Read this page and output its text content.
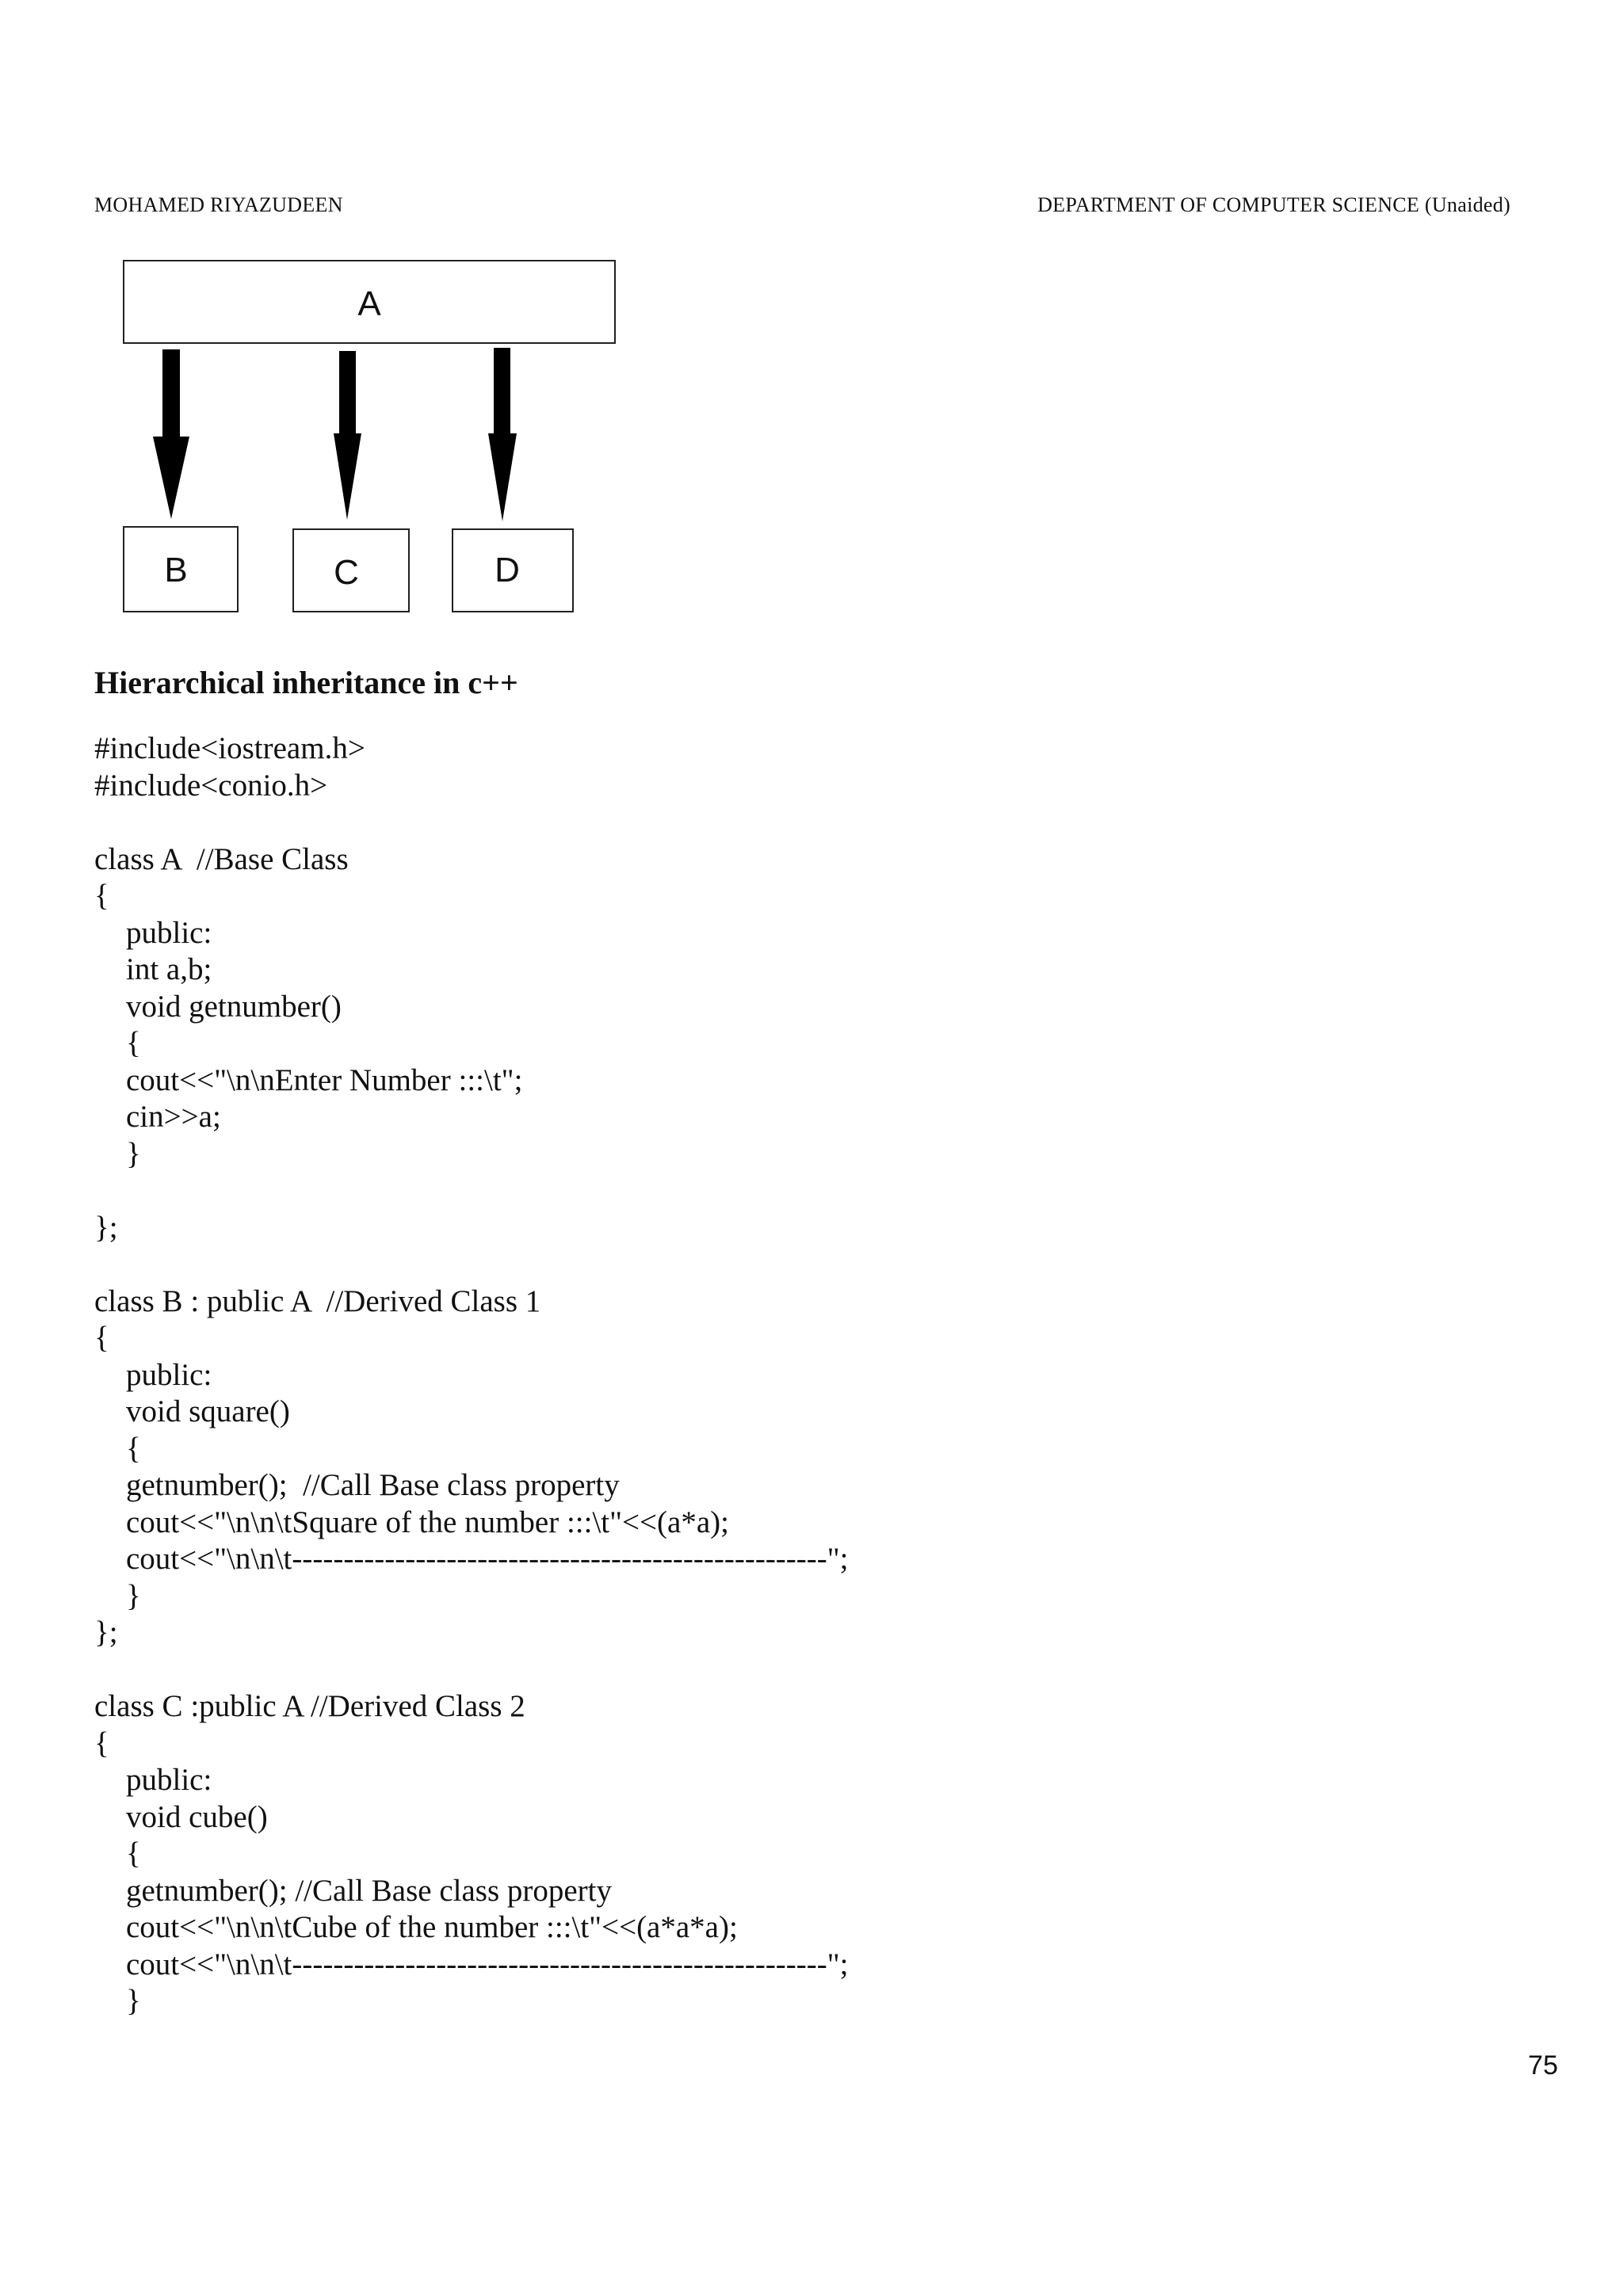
MOHAMED RIYAZUDEEN	DEPARTMENT OF COMPUTER SCIENCE (Unaided)
A
B	C	D
Hierarchical inheritance in c++
#include<iostream.h>
#include<conio.h>
class A  //Base Class
{
public:
int a,b;
void getnumber()
{
cout<<"\n\nEnter Number :::\t";
cin>>a;
}
};
class B : public A  //Derived Class 1
{
public:
void square()
{
getnumber();  //Call Base class property
cout<<"\n\n\tSquare of the number :::\t"<<(a*a);
cout<<"\n\n\t----------------------------------------------------";
}
};
class C :public A //Derived Class 2
{
public:
void cube()
{
getnumber(); //Call Base class property
cout<<"\n\n\tCube of the number :::\t"<<(a*a*a);
cout<<"\n\n\t----------------------------------------------------";
}
75
